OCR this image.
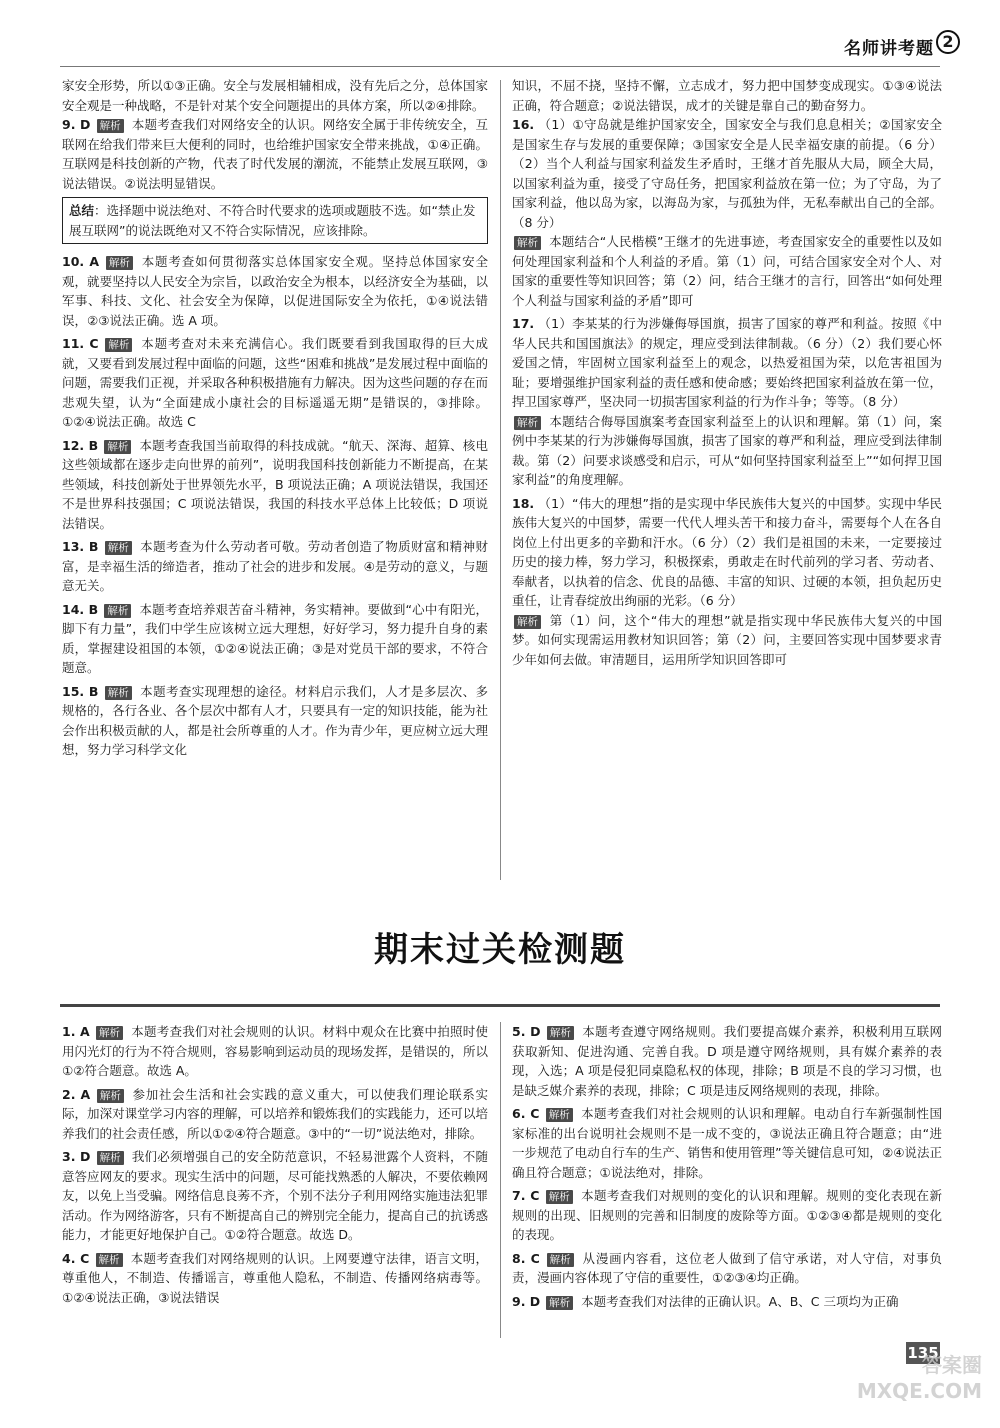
名师讲考题 2

家安全形势，所以①③正确。安全与发展相辅相成，没有先后之分，总体国家安全观是一种战略，不是针对某个安全问题提出的具体方案，所以②④排除。

9. D 解析 本题考查我们对网络安全的认识。网络安全属于非传统安全，互联网在给我们带来巨大便利的同时，也给维护国家安全带来挑战，①④正确。互联网是科技创新的产物，代表了时代发展的潮流，不能禁止发展互联网，③说法错误。②说法明显错误。
总结：选择题中说法绝对、不符合时代要求的选项或题肢不选。如“禁止发展互联网”的说法既绝对又不符合实际情况，应该排除。
10. A 解析 本题考查如何贯彻落实总体国家安全观。坚持总体国家安全观，就要坚持以人民安全为宗旨，以政治安全为根本，以经济安全为基础，以军事、科技、文化、社会安全为保障，以促进国际安全为依托，①④说法错误，②③说法正确。选 A 项。
11. C 解析 本题考查对未来充满信心。我们既要看到我国取得的巨大成就，又要看到发展过程中面临的问题，这些“困难和挑战”是发展过程中面临的问题，需要我们正视，并采取各种积极措施有力解决。因为这些问题的存在而悲观失望，认为“全面建成小康社会的目标遥遥无期”是错误的，③排除。①②④说法正确。故选 C
12. B 解析 本题考查我国当前取得的科技成就。“航天、深海、超算、核电这些领域都在逐步走向世界的前列”，说明我国科技创新能力不断提高，在某些领域，科技创新处于世界领先水平，B 项说法正确；A 项说法错误，我国还不是世界科技强国；C 项说法错误，我国的科技水平总体上比较低；D 项说法错误。
13. B 解析 本题考查为什么劳动者可敬。劳动者创造了物质财富和精神财富，是幸福生活的缔造者，推动了社会的进步和发展。④是劳动的意义，与题意无关。
14. B 解析 本题考查培养艰苦奋斗精神，务实精神。要做到“心中有阳光，脚下有力量”，我们中学生应该树立远大理想，好好学习，努力提升自身的素质，掌握建设祖国的本领，①②④说法正确；③是对党员干部的要求，不符合题意。
15. B 解析 本题考查实现理想的途径。材料启示我们，人才是多层次、多规格的，各行各业、各个层次中都有人才，只要具有一定的知识技能，能为社会作出积极贡献的人，都是社会所尊重的人才。作为青少年，更应树立远大理想，努力学习科学文化

知识，不屈不挠，坚持不懈，立志成才，努力把中国梦变成现实。①③④说法正确，符合题意；②说法错误，成才的关键是靠自己的勤奋努力。

16. （1）①守岛就是维护国家安全，国家安全与我们息息相关；②国家安全是国家生存与发展的重要保障；③国家安全是人民幸福安康的前提。（6 分）（2）当个人利益与国家利益发生矛盾时，王继才首先服从大局，顾全大局，以国家利益为重，接受了守岛任务，把国家利益放在第一位；为了守岛，为了国家利益，他以岛为家，以海岛为家，与孤独为伴，无私奉献出自己的全部。（8 分）
解析 本题结合“人民楷模”王继才的先进事迹，考查国家安全的重要性以及如何处理国家利益和个人利益的矛盾。第（1）问，可结合国家安全对个人、对国家的重要性等知识回答；第（2）问，结合王继才的言行，回答出“如何处理个人利益与国家利益的矛盾”即可
17. （1）李某某的行为涉嫌侮辱国旗，损害了国家的尊严和利益。按照《中华人民共和国国旗法》的规定，理应受到法律制裁。（6 分）（2）我们要心怀爱国之情，牢固树立国家利益至上的观念，以热爱祖国为荣，以危害祖国为耻；要增强维护国家利益的责任感和使命感；要始终把国家利益放在第一位，捍卫国家尊严，坚决同一切损害国家利益的行为作斗争；等等。（8 分）
解析 本题结合侮辱国旗案考查国家利益至上的认识和理解。第（1）问，案例中李某某的行为涉嫌侮辱国旗，损害了国家的尊严和利益，理应受到法律制裁。第（2）问要求谈感受和启示，可从“如何坚持国家利益至上”“如何捍卫国家利益”的角度理解。
18. （1）“伟大的理想”指的是实现中华民族伟大复兴的中国梦。实现中华民族伟大复兴的中国梦，需要一代代人埋头苦干和接力奋斗，需要每个人在各自岗位上付出更多的辛勤和汗水。（6 分）（2）我们是祖国的未来，一定要接过历史的接力棒，努力学习，积极探索，勇敢走在时代前列的学习者、劳动者、奉献者，以执着的信念、优良的品德、丰富的知识、过硬的本领，担负起历史重任，让青春绽放出绚丽的光彩。（6 分）
解析 第（1）问，这个“伟大的理想”就是指实现中华民族伟大复兴的中国梦。如何实现需运用教材知识回答；第（2）问，主要回答实现中国梦要求青少年如何去做。审清题目，运用所学知识回答即可
期末过关检测题
1. A 解析 本题考查我们对社会规则的认识。材料中观众在比赛中拍照时使用闪光灯的行为不符合规则，容易影响到运动员的现场发挥，是错误的，所以①②符合题意。故选 A。
2. A 解析 参加社会生活和社会实践的意义重大，可以使我们理论联系实际，加深对课堂学习内容的理解，可以培养和锻炼我们的实践能力，还可以培养我们的社会责任感，所以①②④符合题意。③中的“一切”说法绝对，排除。
3. D 解析 我们必须增强自己的安全防范意识，不轻易泄露个人资料，不随意答应网友的要求。现实生活中的问题，尽可能找熟悉的人解决，不要依赖网友，以免上当受骗。网络信息良莠不齐，个别不法分子利用网络实施违法犯罪活动。作为网络游客，只有不断提高自己的辨别完全能力，提高自己的抗诱惑能力，才能更好地保护自己。①②符合题意。故选 D。
4. C 解析 本题考查我们对网络规则的认识。上网要遵守法律，语言文明，尊重他人，不制造、传播谣言，尊重他人隐私，不制造、传播网络病毒等。①②④说法正确，③说法错误
5. D 解析 本题考查遵守网络规则。我们要提高媒介素养，积极利用互联网获取新知、促进沟通、完善自我。D 项是遵守网络规则，具有媒介素养的表现，入选；A 项是侵犯同桌隐私权的体现，排除；B 项是不良的学习习惯，也是缺乏媒介素养的表现，排除；C 项是违反网络规则的表现，排除。
6. C 解析 本题考查我们对社会规则的认识和理解。电动自行车新强制性国家标准的出台说明社会规则不是一成不变的，③说法正确且符合题意；由“进一步规范了电动自行车的生产、销售和使用管理”等关键信息可知，②④说法正确且符合题意；①说法绝对，排除。
7. C 解析 本题考查我们对规则的变化的认识和理解。规则的变化表现在新规则的出现、旧规则的完善和旧制度的废除等方面。①②③④都是规则的变化的表现。
8. C 解析 从漫画内容看，这位老人做到了信守承诺，对人守信，对事负责，漫画内容体现了守信的重要性，①②③④均正确。
9. D 解析 本题考查我们对法律的正确认识。A、B、C 三项均为正确
135
答案圈 MXQE.COM
